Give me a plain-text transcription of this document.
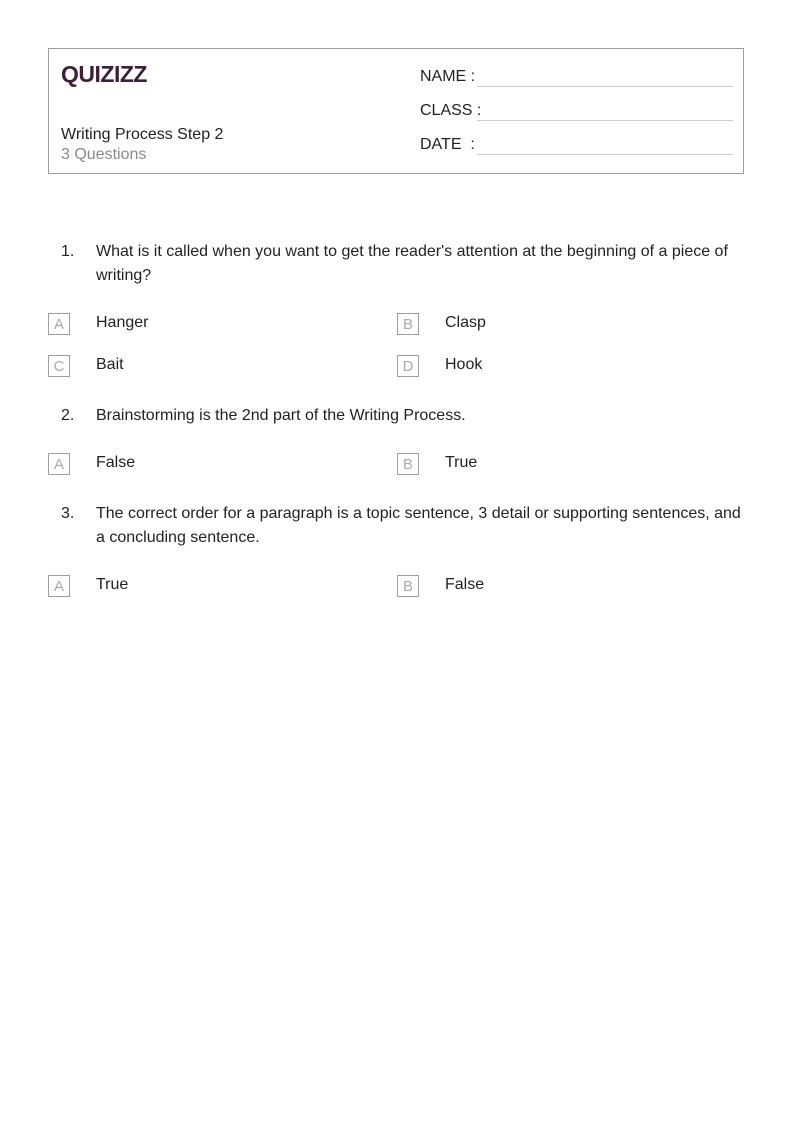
QUIZIZZ
Writing Process Step 2
3 Questions
NAME :
CLASS :
DATE  :
1.	What is it called when you want to get the reader's attention at the beginning of a piece of writing?
A	Hanger	B	Clasp
C	Bait	D	Hook
2.	Brainstorming is the 2nd part of the Writing Process.
A	False	B	True
3.	The correct order for a paragraph is a topic sentence, 3 detail or supporting sentences, and a concluding sentence.
A	True	B	False
